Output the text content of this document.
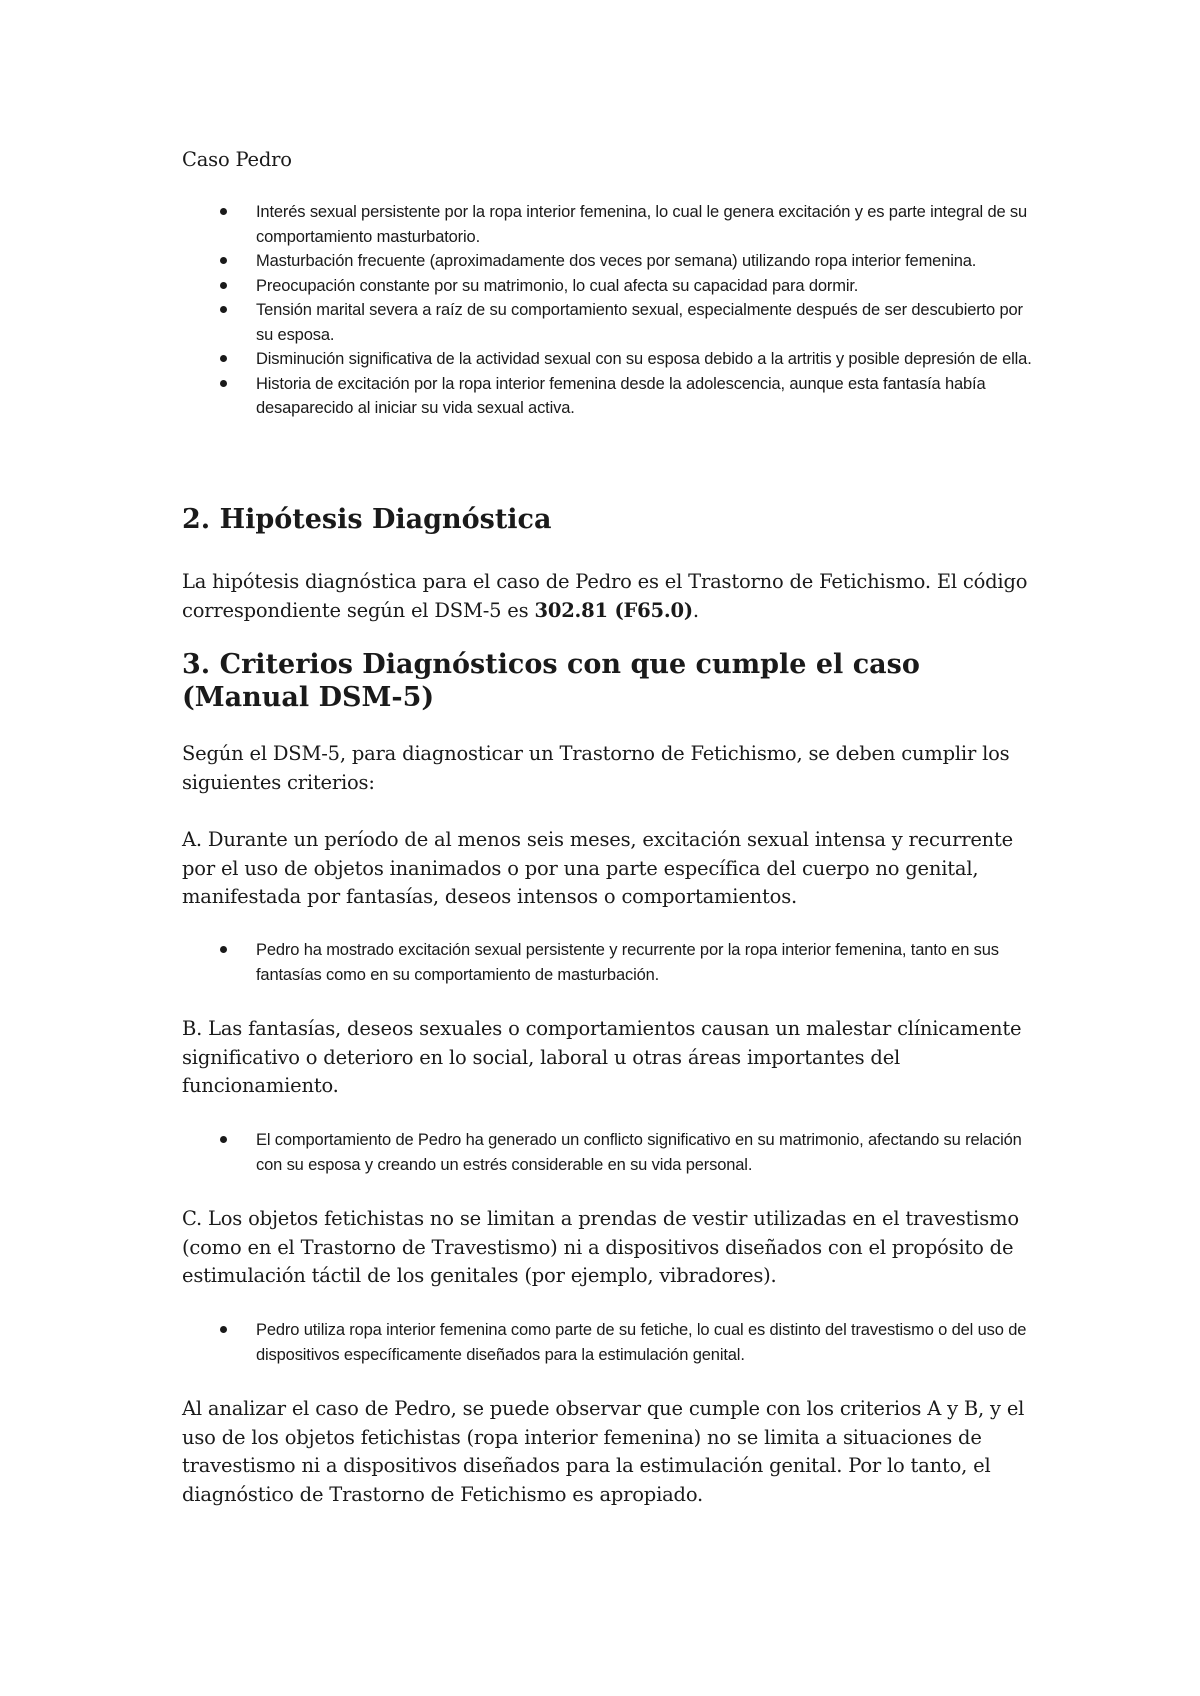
Caso Pedro

Interés sexual persistente por la ropa interior femenina, lo cual le genera excitación y es parte integral de su comportamiento masturbatorio.
Masturbación frecuente (aproximadamente dos veces por semana) utilizando ropa interior femenina.
Preocupación constante por su matrimonio, lo cual afecta su capacidad para dormir.
Tensión marital severa a raíz de su comportamiento sexual, especialmente después de ser descubierto por su esposa.
Disminución significativa de la actividad sexual con su esposa debido a la artritis y posible depresión de ella.
Historia de excitación por la ropa interior femenina desde la adolescencia, aunque esta fantasía había desaparecido al iniciar su vida sexual activa.
2. Hipótesis Diagnóstica

La hipótesis diagnóstica para el caso de Pedro es el Trastorno de Fetichismo. El código correspondiente según el DSM-5 es 302.81 (F65.0).

3. Criterios Diagnósticos con que cumple el caso (Manual DSM-5)

Según el DSM-5, para diagnosticar un Trastorno de Fetichismo, se deben cumplir los siguientes criterios:

A. Durante un período de al menos seis meses, excitación sexual intensa y recurrente por el uso de objetos inanimados o por una parte específica del cuerpo no genital, manifestada por fantasías, deseos intensos o comportamientos.

Pedro ha mostrado excitación sexual persistente y recurrente por la ropa interior femenina, tanto en sus fantasías como en su comportamiento de masturbación.

B. Las fantasías, deseos sexuales o comportamientos causan un malestar clínicamente significativo o deterioro en lo social, laboral u otras áreas importantes del funcionamiento.

El comportamiento de Pedro ha generado un conflicto significativo en su matrimonio, afectando su relación con su esposa y creando un estrés considerable en su vida personal.

C. Los objetos fetichistas no se limitan a prendas de vestir utilizadas en el travestismo (como en el Trastorno de Travestismo) ni a dispositivos diseñados con el propósito de estimulación táctil de los genitales (por ejemplo, vibradores).

Pedro utiliza ropa interior femenina como parte de su fetiche, lo cual es distinto del travestismo o del uso de dispositivos específicamente diseñados para la estimulación genital.

Al analizar el caso de Pedro, se puede observar que cumple con los criterios A y B, y el uso de los objetos fetichistas (ropa interior femenina) no se limita a situaciones de travestismo ni a dispositivos diseñados para la estimulación genital. Por lo tanto, el diagnóstico de Trastorno de Fetichismo es apropiado.
